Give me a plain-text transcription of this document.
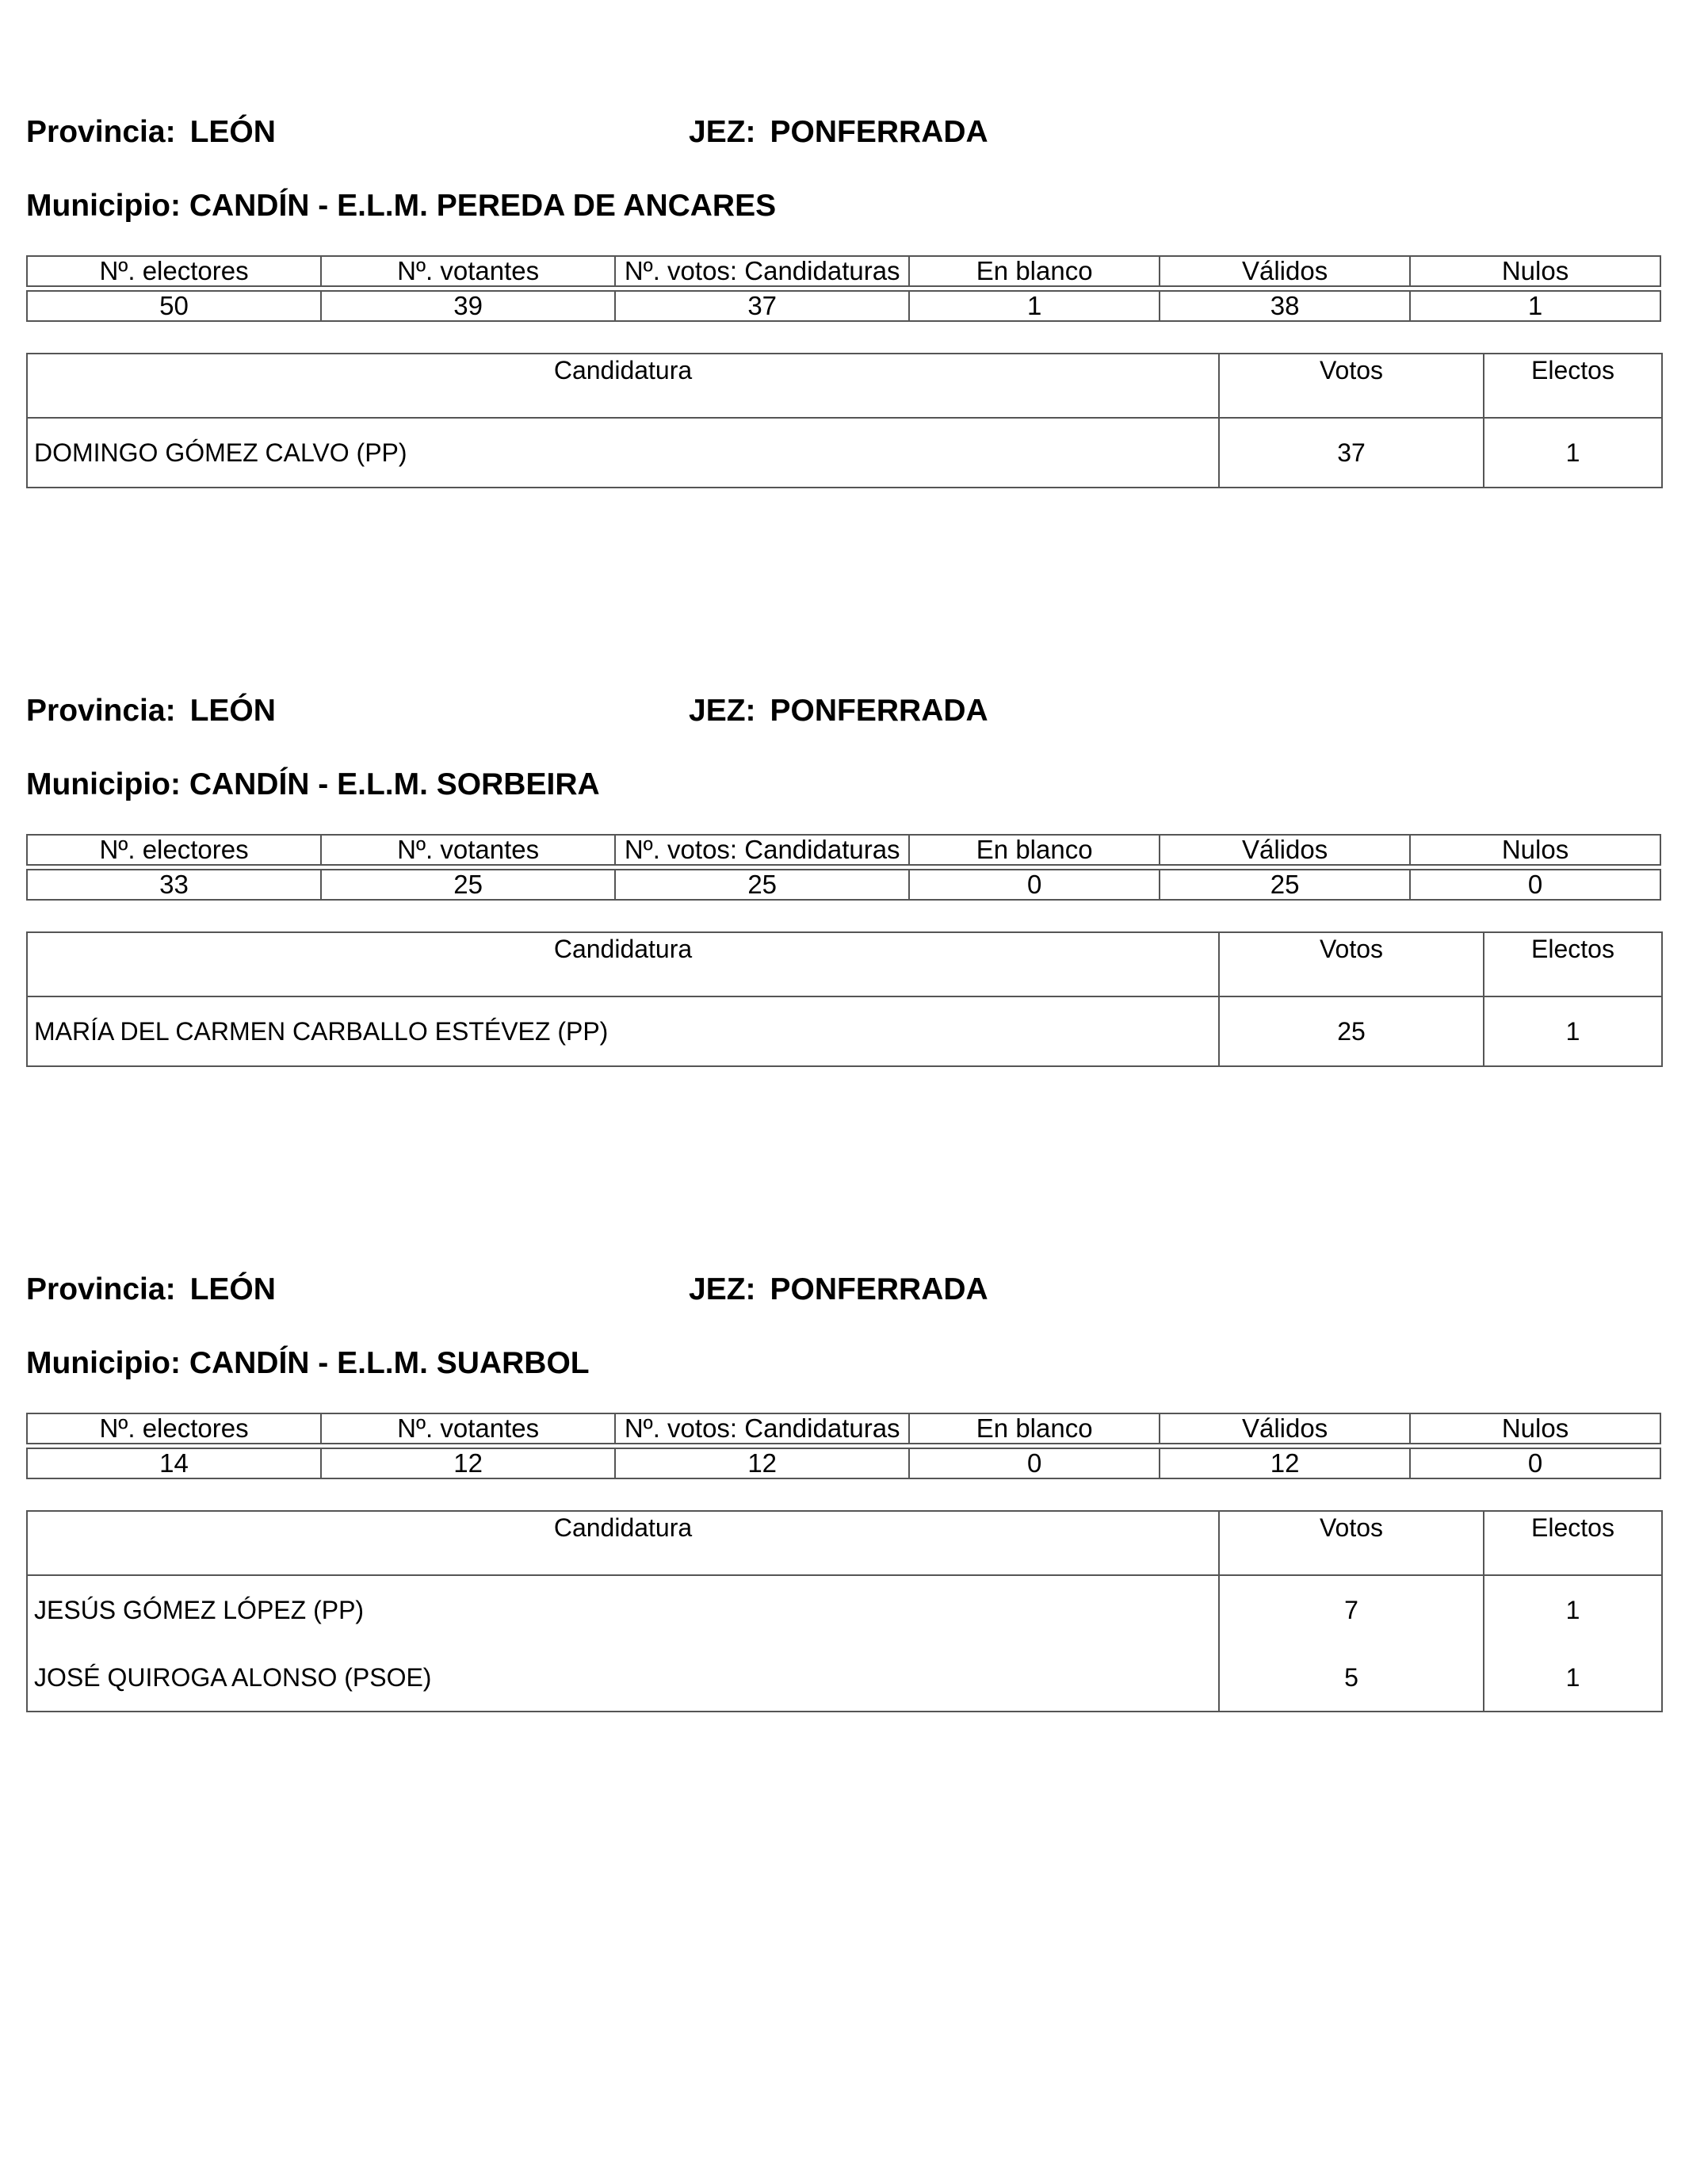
Provincia: LEÓN	JEZ: PONFERRADA
Municipio: CANDÍN - E.L.M. PEREDA DE ANCARES
Nº. electores	Nº. votantes	Nº. votos: Candidaturas	En blanco	Válidos	Nulos

50	39	37	1	38	1
Candidatura	Votos	Electos
DOMINGO GÓMEZ CALVO (PP)	37	1
Provincia: LEÓN	JEZ: PONFERRADA
Municipio: CANDÍN - E.L.M. SORBEIRA
Nº. electores	Nº. votantes	Nº. votos: Candidaturas	En blanco	Válidos	Nulos

33	25	25	0	25	0
Candidatura	Votos	Electos
MARÍA DEL CARMEN CARBALLO ESTÉVEZ (PP)	25	1
Provincia: LEÓN	JEZ: PONFERRADA
Municipio: CANDÍN - E.L.M. SUARBOL
Nº. electores	Nº. votantes	Nº. votos: Candidaturas	En blanco	Válidos	Nulos

14	12	12	0	12	0
Candidatura	Votos	Electos
JESÚS GÓMEZ LÓPEZ (PP)	7	1
JOSÉ QUIROGA ALONSO (PSOE)	5	1
